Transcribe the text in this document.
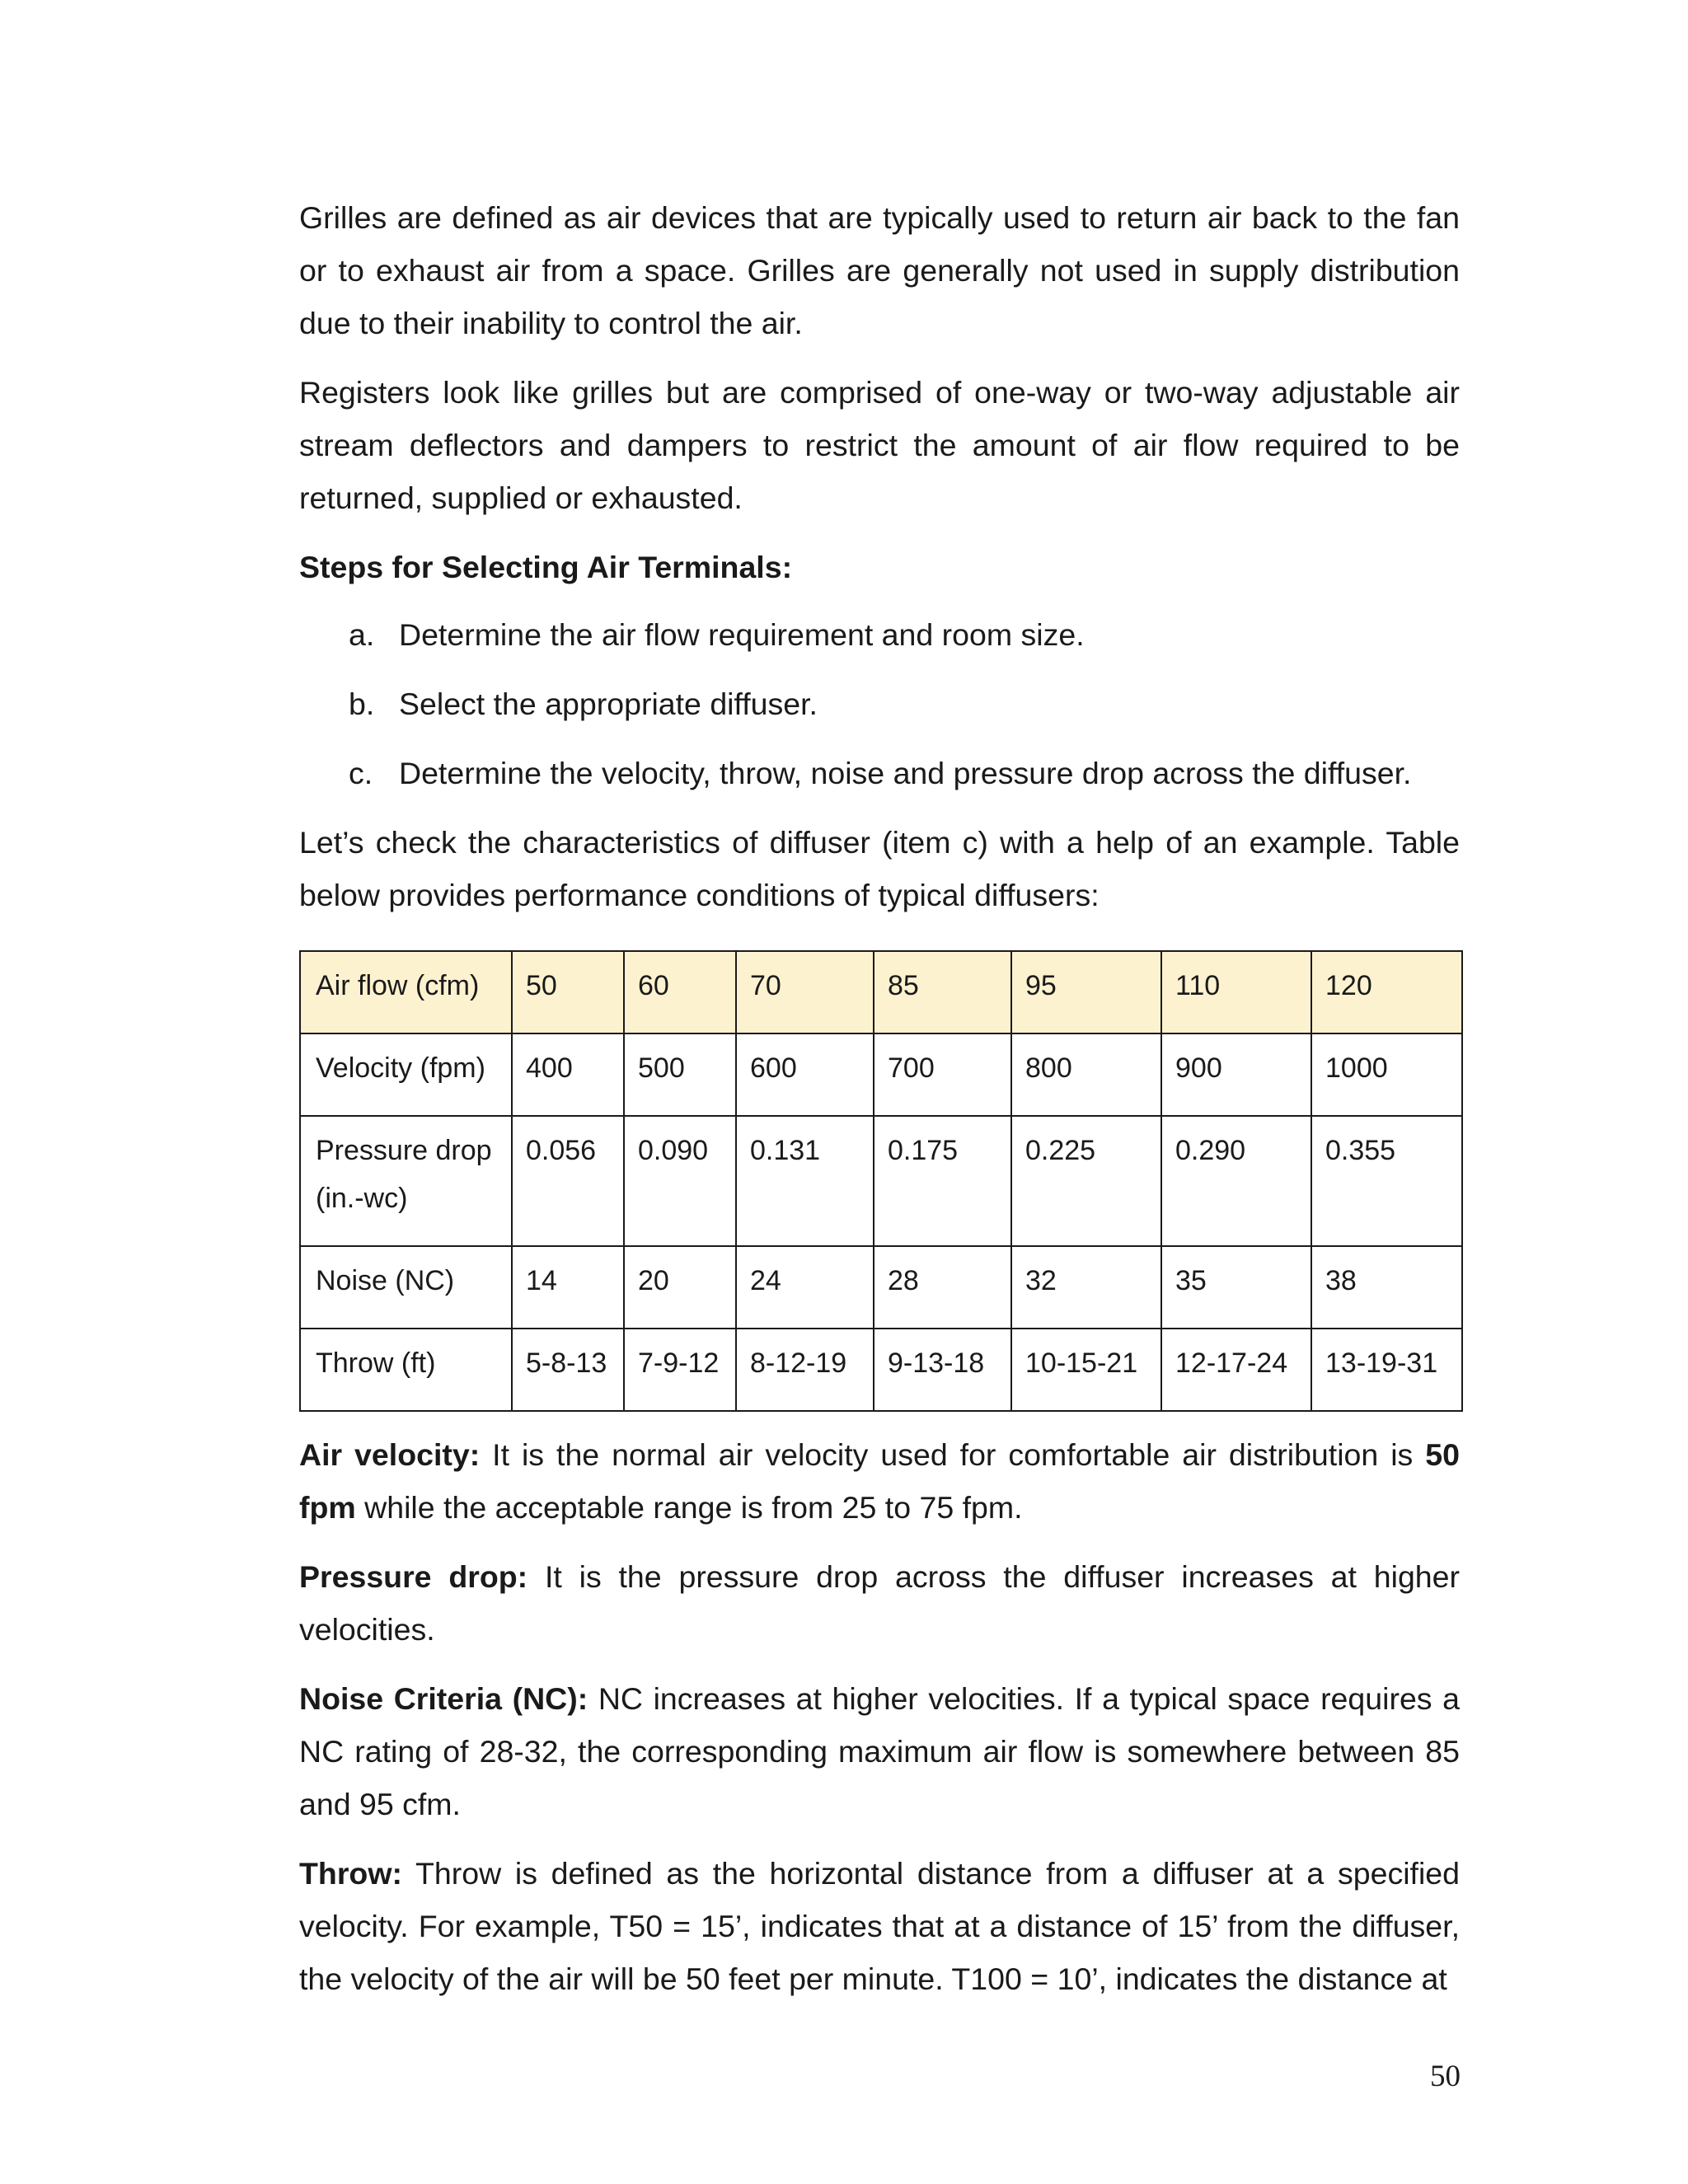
Grilles are defined as air devices that are typically used to return air back to the fan or to exhaust air from a space. Grilles are generally not used in supply distribution due to their inability to control the air.

Registers look like grilles but are comprised of one-way or two-way adjustable air stream deflectors and dampers to restrict the amount of air flow required to be returned, supplied or exhausted.

Steps for Selecting Air Terminals:

a. Determine the air flow requirement and room size.
b. Select the appropriate diffuser.
c. Determine the velocity, throw, noise and pressure drop across the diffuser.

Let’s check the characteristics of diffuser (item c) with a help of an example. Table below provides performance conditions of typical diffusers:

Air flow (cfm)	50	60	70	85	95	110	120
Velocity (fpm)	400	500	600	700	800	900	1000
Pressure drop (in.-wc)	0.056	0.090	0.131	0.175	0.225	0.290	0.355
Noise (NC)	14	20	24	28	32	35	38
Throw (ft)	5-8-13	7-9-12	8-12-19	9-13-18	10-15-21	12-17-24	13-19-31

Air velocity: It is the normal air velocity used for comfortable air distribution is 50 fpm while the acceptable range is from 25 to 75 fpm.

Pressure drop: It is the pressure drop across the diffuser increases at higher velocities.

Noise Criteria (NC): NC increases at higher velocities. If a typical space requires a NC rating of 28-32, the corresponding maximum air flow is somewhere between 85 and 95 cfm.

Throw: Throw is defined as the horizontal distance from a diffuser at a specified velocity. For example, T50 = 15’, indicates that at a distance of 15’ from the diffuser, the velocity of the air will be 50 feet per minute. T100 = 10’, indicates the distance at

50
